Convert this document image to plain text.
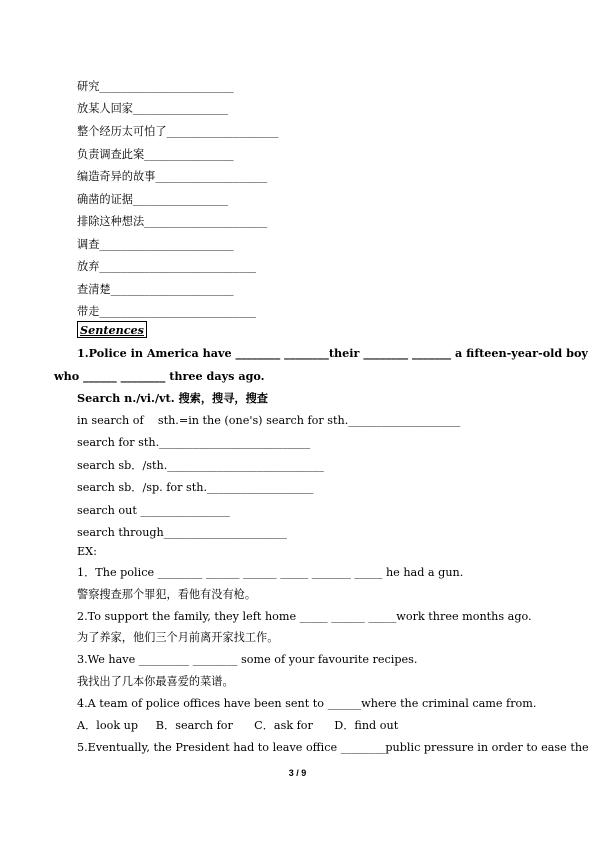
研究________________________
放某人回家_________________
整个经历太可怕了____________________
负责调查此案________________
编造奇异的故事____________________
确凿的证据_________________
排除这种想法______________________
调查________________________
放弃____________________________
查清楚______________________
带走____________________________
Sentences
1.Police in America have ________ ________their ________ _______ a fifteen-year-old boy
who ______ ________ three days ago.
Search n./vi./vt. 搜索，搜寻，搜查
in search of    sth.=in the (one's) search for sth.____________________
search for sth.___________________________
search sb．/sth.____________________________
search sb．/sp. for sth.___________________
search out ________________
search through______________________
EX:
1．The police ________ ______ ______ _____ _______ _____ he had a gun.
警察搜查那个罪犯，看他有没有枪。
2.To support the family, they left home _____ ______ _____work three months ago.
为了养家，他们三个月前离开家找工作。
3.We have _________ ________ some of your favourite recipes.
我找出了几本你最喜爱的菜谱。
4.A team of police offices have been sent to ______where the criminal came from.
A．look up     B．search for      C．ask for      D．find out
5.Eventually, the President had to leave office ________public pressure in order to ease the
3 / 9
